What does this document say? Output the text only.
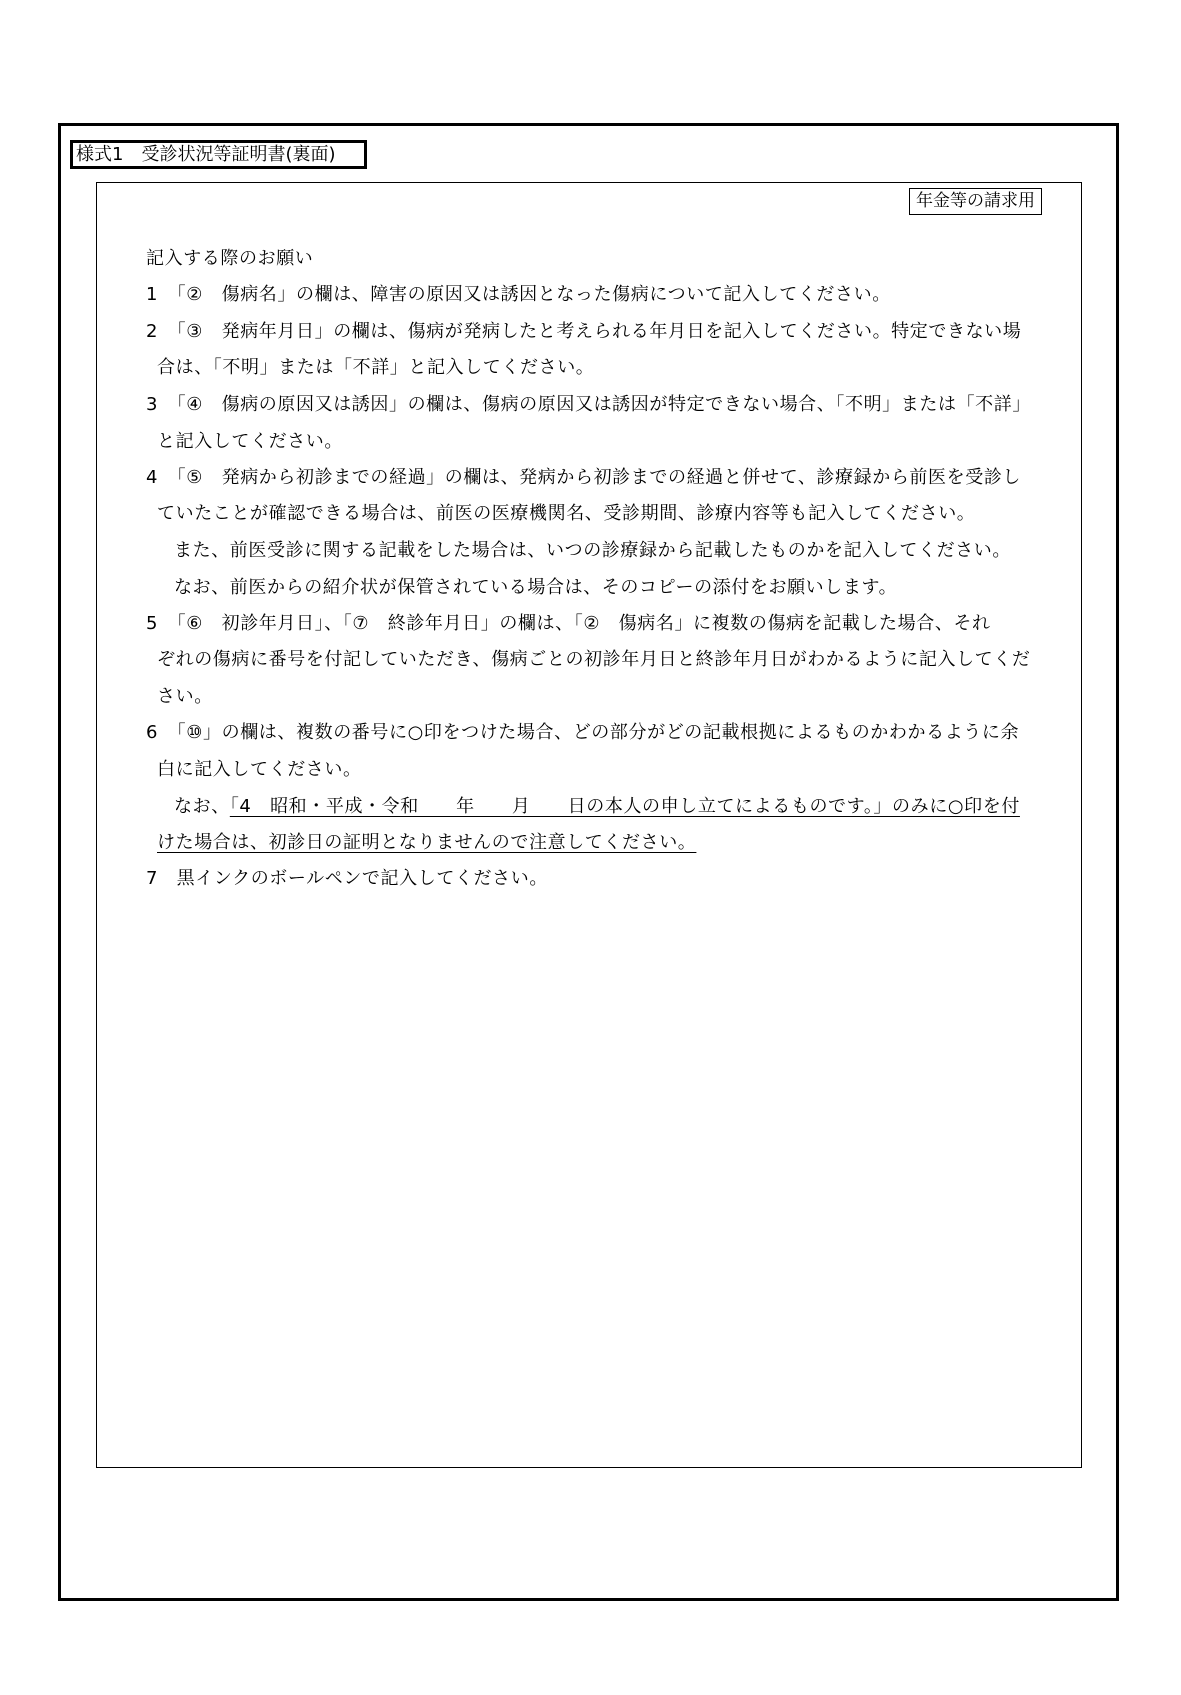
様式1　受診状況等証明書(裏面)
年金等の請求用
記入する際のお願い
1　「②　傷病名」の欄は、障害の原因又は誘因となった傷病について記入してください。
2　「③　発病年月日」の欄は、傷病が発病したと考えられる年月日を記入してください。特定できない場
合は、「不明」または「不詳」と記入してください。
3　「④　傷病の原因又は誘因」の欄は、傷病の原因又は誘因が特定できない場合、「不明」または「不詳」
と記入してください。
4　「⑤　発病から初診までの経過」の欄は、発病から初診までの経過と併せて、診療録から前医を受診し
ていたことが確認できる場合は、前医の医療機関名、受診期間、診療内容等も記入してください。
また、前医受診に関する記載をした場合は、いつの診療録から記載したものかを記入してください。
なお、前医からの紹介状が保管されている場合は、そのコピーの添付をお願いします。
5　「⑥　初診年月日」、「⑦　終診年月日」の欄は、「②　傷病名」に複数の傷病を記載した場合、それ
ぞれの傷病に番号を付記していただき、傷病ごとの初診年月日と終診年月日がわかるように記入してくだ
さい。
6　「⑩」の欄は、複数の番号に○印をつけた場合、どの部分がどの記載根拠によるものかわかるように余
白に記入してください。
なお、「4　昭和・平成・令和　　年　　月　　日の本人の申し立てによるものです。」のみに○印を付
けた場合は、初診日の証明となりませんので注意してください。
7　黒インクのボールペンで記入してください。
